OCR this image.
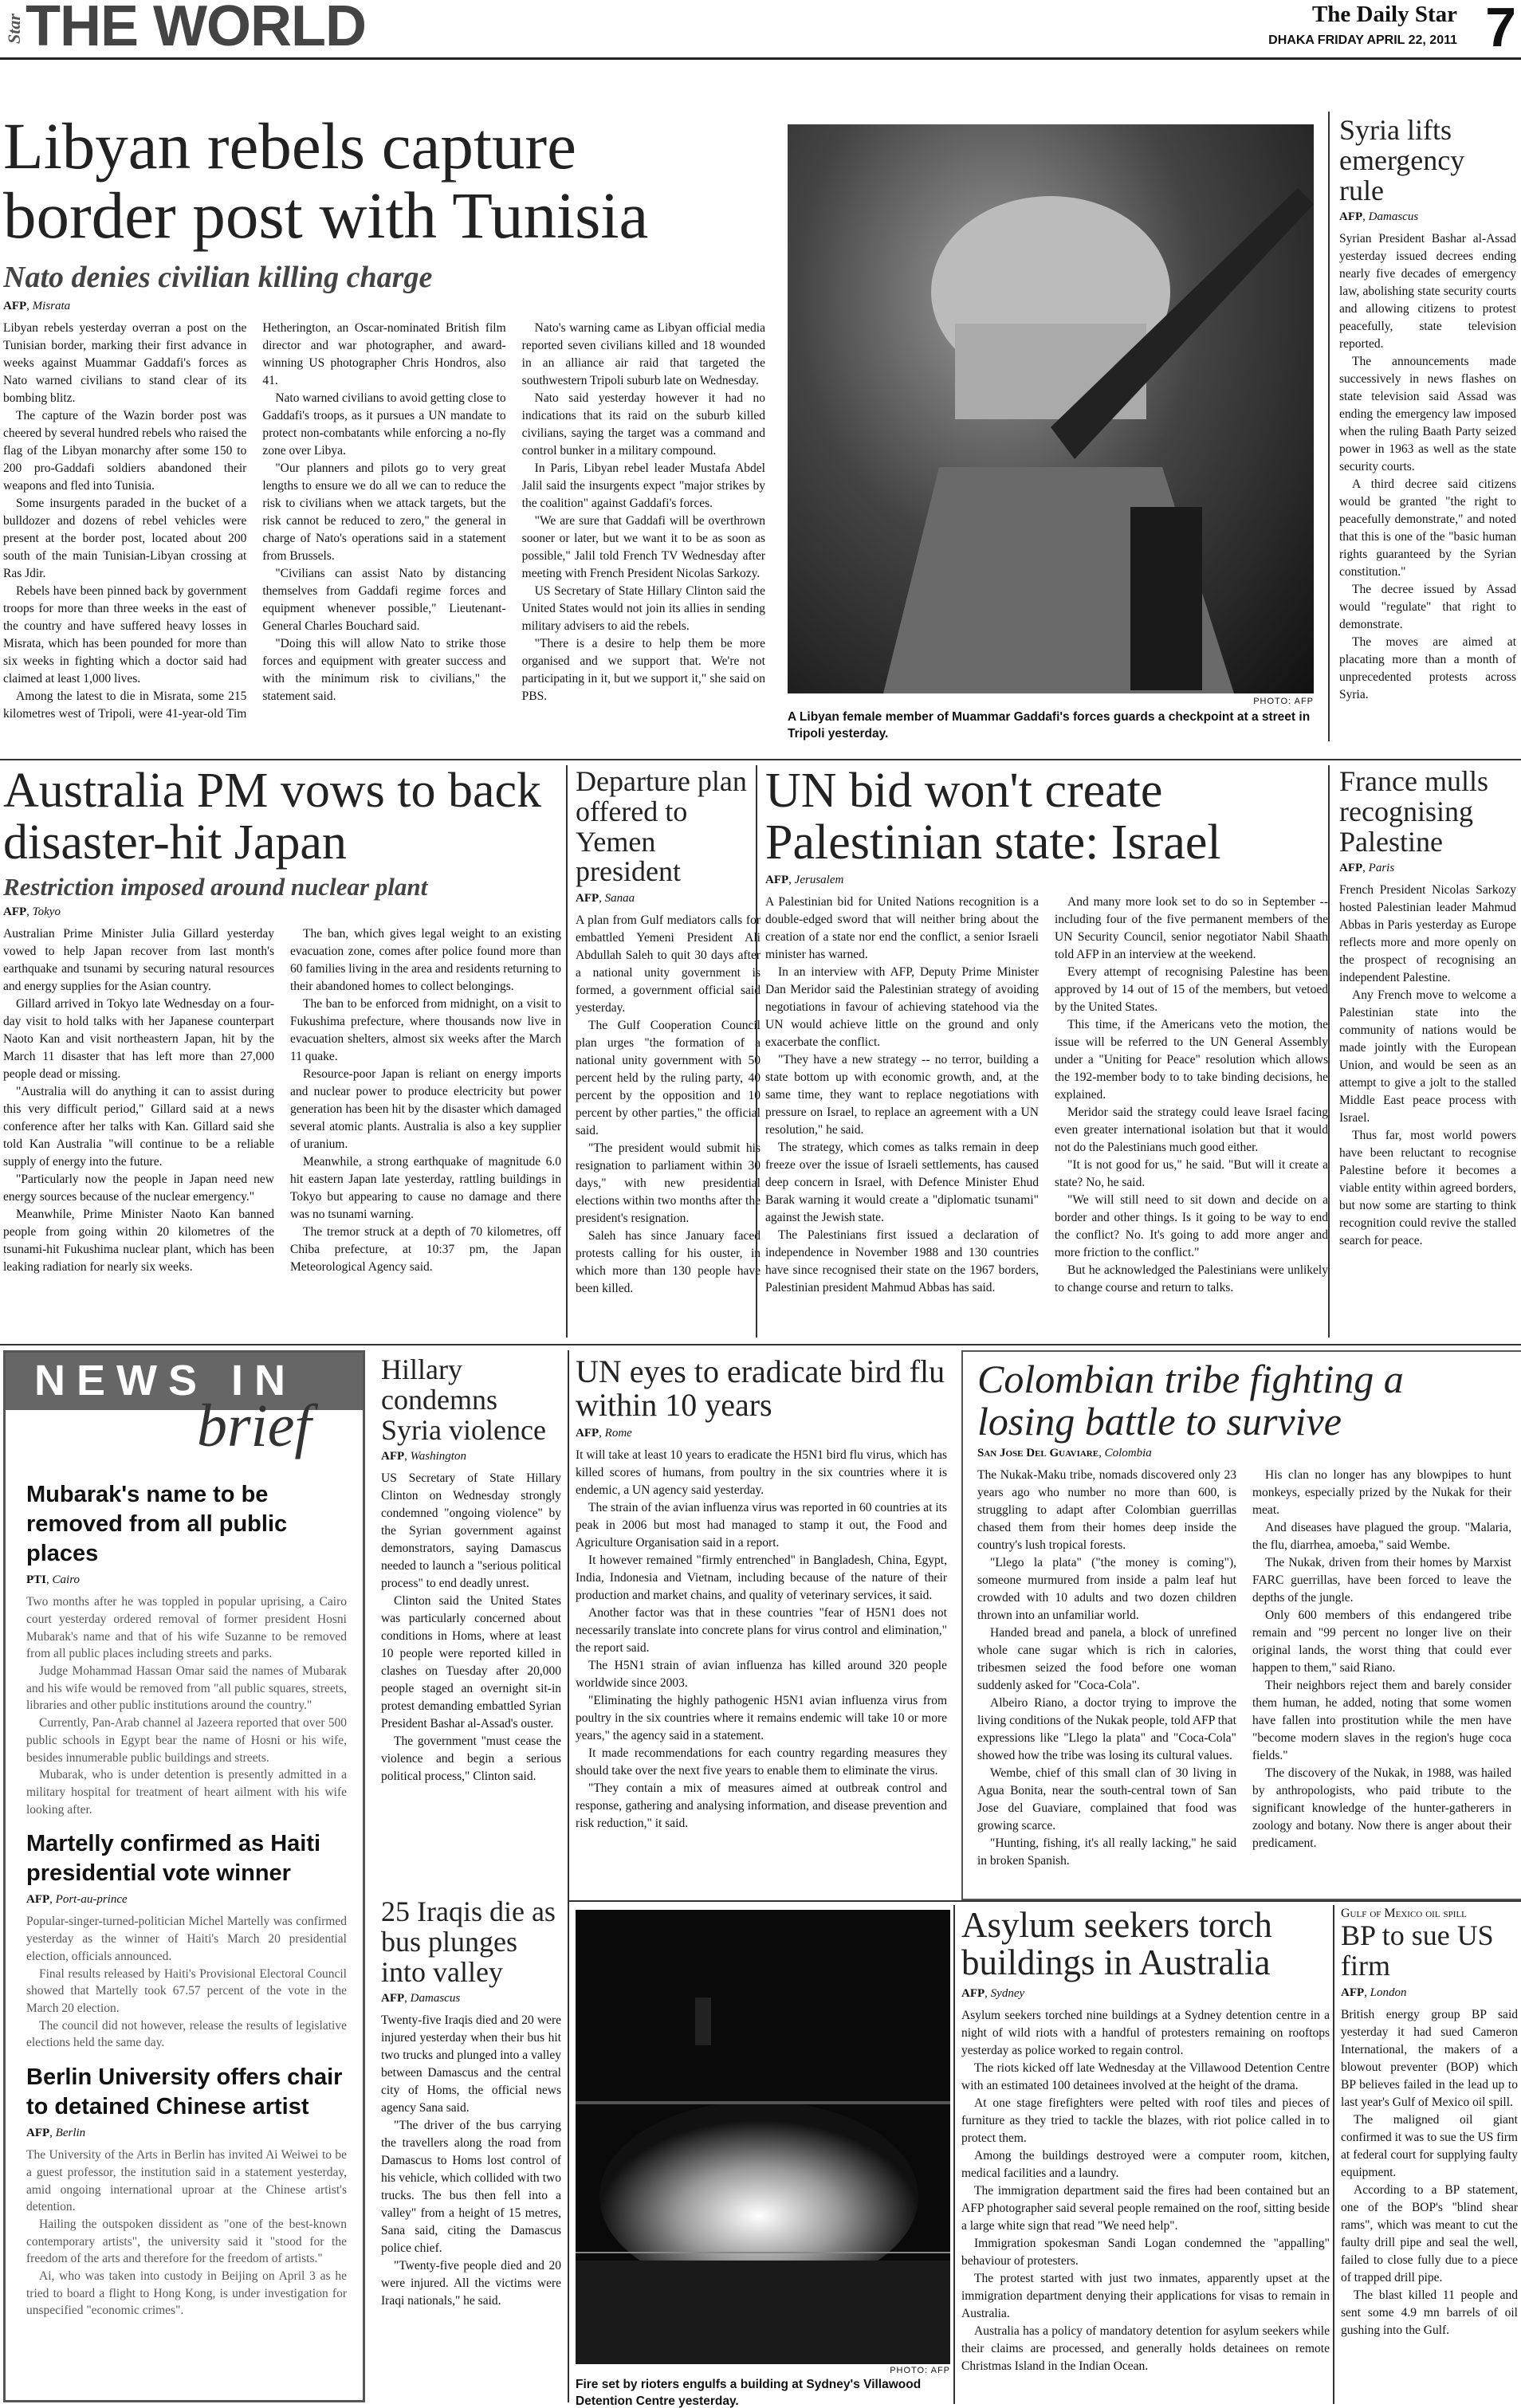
Star THE WORLD	The Daily Star
DHAKA FRIDAY APRIL 22, 2011 7
Libyan rebels capture border post with Tunisia
Nato denies civilian killing charge
AFP, Misrata

Libyan rebels yesterday overran a post on the Tunisian border, marking their first advance in weeks against Muammar Gaddafi's forces as Nato warned civilians to stand clear of its bombing blitz.

The capture of the Wazin border post was cheered by several hundred rebels who raised the flag of the Libyan monarchy after some 150 to 200 pro-Gaddafi soldiers abandoned their weapons and fled into Tunisia.

Some insurgents paraded in the bucket of a bulldozer and dozens of rebel vehicles were present at the border post, located about 200 south of the main Tunisian-Libyan crossing at Ras Jdir.

Rebels have been pinned back by government troops for more than three weeks in the east of the country and have suffered heavy losses in Misrata, which has been pounded for more than six weeks in fighting which a doctor said had claimed at least 1,000 lives.

Among the latest to die in Misrata, some 215 kilometres west of Tripoli, were 41-year-old Tim Hetherington, an Oscar-nominated British film director and war photographer, and award-winning US photographer Chris Hondros, also 41.

Nato warned civilians to avoid getting close to Gaddafi's troops, as it pursues a UN mandate to protect non-combatants while enforcing a no-fly zone over Libya.

"Our planners and pilots go to very great lengths to ensure we do all we can to reduce the risk to civilians when we attack targets, but the risk cannot be reduced to zero," the general in charge of Nato's operations said in a statement from Brussels.

"Civilians can assist Nato by distancing themselves from Gaddafi regime forces and equipment whenever possible," Lieutenant-General Charles Bouchard said.

"Doing this will allow Nato to strike those forces and equipment with greater success and with the minimum risk to civilians," the statement said.

Nato's warning came as Libyan official media reported seven civilians killed and 18 wounded in an alliance air raid that targeted the southwestern Tripoli suburb late on Wednesday.

Nato said yesterday however it had no indications that its raid on the suburb killed civilians, saying the target was a command and control bunker in a military compound.

In Paris, Libyan rebel leader Mustafa Abdel Jalil said the insurgents expect "major strikes by the coalition" against Gaddafi's forces.

"We are sure that Gaddafi will be overthrown sooner or later, but we want it to be as soon as possible," Jalil told French TV Wednesday after meeting with French President Nicolas Sarkozy.

US Secretary of State Hillary Clinton said the United States would not join its allies in sending military advisers to aid the rebels.

"There is a desire to help them be more organised and we support that. We're not participating in it, but we support it," she said on PBS.	PHOTO: AFP
A Libyan female member of Muammar Gaddafi's forces guards a checkpoint at a street in Tripoli yesterday.
Syria lifts emergency rule
AFP, Damascus

Syrian President Bashar al-Assad yesterday issued decrees ending nearly five decades of emergency law, abolishing state security courts and allowing citizens to protest peacefully, state television reported.

The announcements made successively in news flashes on state television said Assad was ending the emergency law imposed when the ruling Baath Party seized power in 1963 as well as the state security courts.

A third decree said citizens would be granted "the right to peacefully demonstrate," and noted that this is one of the "basic human rights guaranteed by the Syrian constitution."

The decree issued by Assad would "regulate" that right to demonstrate.

The moves are aimed at placating more than a month of unprecedented protests across Syria.

Australia PM vows to back disaster-hit Japan
Restriction imposed around nuclear plant
AFP, Tokyo

Australian Prime Minister Julia Gillard yesterday vowed to help Japan recover from last month's earthquake and tsunami by securing natural resources and energy supplies for the Asian country.

Gillard arrived in Tokyo late Wednesday on a four-day visit to hold talks with her Japanese counterpart Naoto Kan and visit northeastern Japan, hit by the March 11 disaster that has left more than 27,000 people dead or missing.

"Australia will do anything it can to assist during this very difficult period," Gillard said at a news conference after her talks with Kan. Gillard said she told Kan Australia "will continue to be a reliable supply of energy into the future.

"Particularly now the people in Japan need new energy sources because of the nuclear emergency."

Meanwhile, Prime Minister Naoto Kan banned people from going within 20 kilometres of the tsunami-hit Fukushima nuclear plant, which has been leaking radiation for nearly six weeks.

The ban, which gives legal weight to an existing evacuation zone, comes after police found more than 60 families living in the area and residents returning to their abandoned homes to collect belongings.

The ban to be enforced from midnight, on a visit to Fukushima prefecture, where thousands now live in evacuation shelters, almost six weeks after the March 11 quake.

Resource-poor Japan is reliant on energy imports and nuclear power to produce electricity but power generation has been hit by the disaster which damaged several atomic plants. Australia is also a key supplier of uranium.

Meanwhile, a strong earthquake of magnitude 6.0 hit eastern Japan late yesterday, rattling buildings in Tokyo but appearing to cause no damage and there was no tsunami warning.

The tremor struck at a depth of 70 kilometres, off Chiba prefecture, at 10:37 pm, the Japan Meteorological Agency said.

Departure plan offered to Yemen president
AFP, Sanaa

A plan from Gulf mediators calls for embattled Yemeni President Ali Abdullah Saleh to quit 30 days after a national unity government is formed, a government official said yesterday.

The Gulf Cooperation Council plan urges "the formation of a national unity government with 50 percent held by the ruling party, 40 percent by the opposition and 10 percent by other parties," the official said.

"The president would submit his resignation to parliament within 30 days," with new presidential elections within two months after the president's resignation.

Saleh has since January faced protests calling for his ouster, in which more than 130 people have been killed.

UN bid won't create Palestinian state: Israel
AFP, Jerusalem

A Palestinian bid for United Nations recognition is a double-edged sword that will neither bring about the creation of a state nor end the conflict, a senior Israeli minister has warned.

In an interview with AFP, Deputy Prime Minister Dan Meridor said the Palestinian strategy of avoiding negotiations in favour of achieving statehood via the UN would achieve little on the ground and only exacerbate the conflict.

"They have a new strategy -- no terror, building a state bottom up with economic growth, and, at the same time, they want to replace negotiations with pressure on Israel, to replace an agreement with a UN resolution," he said.

The strategy, which comes as talks remain in deep freeze over the issue of Israeli settlements, has caused deep concern in Israel, with Defence Minister Ehud Barak warning it would create a "diplomatic tsunami" against the Jewish state.

The Palestinians first issued a declaration of independence in November 1988 and 130 countries have since recognised their state on the 1967 borders, Palestinian president Mahmud Abbas has said.

And many more look set to do so in September -- including four of the five permanent members of the UN Security Council, senior negotiator Nabil Shaath told AFP in an interview at the weekend.

Every attempt of recognising Palestine has been approved by 14 out of 15 of the members, but vetoed by the United States.

This time, if the Americans veto the motion, the issue will be referred to the UN General Assembly under a "Uniting for Peace" resolution which allows the 192-member body to to take binding decisions, he explained.

Meridor said the strategy could leave Israel facing even greater international isolation but that it would not do the Palestinians much good either.

"It is not good for us," he said. "But will it create a state? No, he said.

"We will still need to sit down and decide on a border and other things. Is it going to be way to end the conflict? No. It's going to add more anger and more friction to the conflict."

But he acknowledged the Palestinians were unlikely to change course and return to talks.

France mulls recognising Palestine
AFP, Paris

French President Nicolas Sarkozy hosted Palestinian leader Mahmud Abbas in Paris yesterday as Europe reflects more and more openly on the prospect of recognising an independent Palestine.

Any French move to welcome a Palestinian state into the community of nations would be made jointly with the European Union, and would be seen as an attempt to give a jolt to the stalled Middle East peace process with Israel.

Thus far, most world powers have been reluctant to recognise Palestine before it becomes a viable entity within agreed borders, but now some are starting to think recognition could revive the stalled search for peace.

NEWS IN
brief
Mubarak's name to be removed from all public places
PTI, Cairo

Two months after he was toppled in popular uprising, a Cairo court yesterday ordered removal of former president Hosni Mubarak's name and that of his wife Suzanne to be removed from all public places including streets and parks.

Judge Mohammad Hassan Omar said the names of Mubarak and his wife would be removed from "all public squares, streets, libraries and other public institutions around the country."

Currently, Pan-Arab channel al Jazeera reported that over 500 public schools in Egypt bear the name of Hosni or his wife, besides innumerable public buildings and streets.

Mubarak, who is under detention is presently admitted in a military hospital for treatment of heart ailment with his wife looking after.

Martelly confirmed as Haiti presidential vote winner
AFP, Port-au-prince

Popular-singer-turned-politician Michel Martelly was confirmed yesterday as the winner of Haiti's March 20 presidential election, officials announced.

Final results released by Haiti's Provisional Electoral Council showed that Martelly took 67.57 percent of the vote in the March 20 election.

The council did not however, release the results of legislative elections held the same day.

Berlin University offers chair to detained Chinese artist
AFP, Berlin

The University of the Arts in Berlin has invited Ai Weiwei to be a guest professor, the institution said in a statement yesterday, amid ongoing international uproar at the Chinese artist's detention.

Hailing the outspoken dissident as "one of the best-known contemporary artists", the university said it "stood for the freedom of the arts and therefore for the freedom of artists."

Ai, who was taken into custody in Beijing on April 3 as he tried to board a flight to Hong Kong, is under investigation for unspecified "economic crimes".

Hillary condemns Syria violence
AFP, Washington

US Secretary of State Hillary Clinton on Wednesday strongly condemned "ongoing violence" by the Syrian government against demonstrators, saying Damascus needed to launch a "serious political process" to end deadly unrest.

Clinton said the United States was particularly concerned about conditions in Homs, where at least 10 people were reported killed in clashes on Tuesday after 20,000 people staged an overnight sit-in protest demanding embattled Syrian President Bashar al-Assad's ouster.

The government "must cease the violence and begin a serious political process," Clinton said.

UN eyes to eradicate bird flu within 10 years
AFP, Rome

It will take at least 10 years to eradicate the H5N1 bird flu virus, which has killed scores of humans, from poultry in the six countries where it is endemic, a UN agency said yesterday.

The strain of the avian influenza virus was reported in 60 countries at its peak in 2006 but most had managed to stamp it out, the Food and Agriculture Organisation said in a report.

It however remained "firmly entrenched" in Bangladesh, China, Egypt, India, Indonesia and Vietnam, including because of the nature of their production and market chains, and quality of veterinary services, it said.

Another factor was that in these countries "fear of H5N1 does not necessarily translate into concrete plans for virus control and elimination," the report said.

The H5N1 strain of avian influenza has killed around 320 people worldwide since 2003.

"Eliminating the highly pathogenic H5N1 avian influenza virus from poultry in the six countries where it remains endemic will take 10 or more years," the agency said in a statement.

It made recommendations for each country regarding measures they should take over the next five years to enable them to eliminate the virus.

"They contain a mix of measures aimed at outbreak control and response, gathering and analysing information, and disease prevention and risk reduction," it said.

Colombian tribe fighting a losing battle to survive
San Jose Del Guaviare, Colombia

The Nukak-Maku tribe, nomads discovered only 23 years ago who number no more than 600, is struggling to adapt after Colombian guerrillas chased them from their homes deep inside the country's lush tropical forests.

"Llego la plata" ("the money is coming"), someone murmured from inside a palm leaf hut crowded with 10 adults and two dozen children thrown into an unfamiliar world.

Handed bread and panela, a block of unrefined whole cane sugar which is rich in calories, tribesmen seized the food before one woman suddenly asked for "Coca-Cola".

Albeiro Riano, a doctor trying to improve the living conditions of the Nukak people, told AFP that expressions like "Llego la plata" and "Coca-Cola" showed how the tribe was losing its cultural values.

Wembe, chief of this small clan of 30 living in Agua Bonita, near the south-central town of San Jose del Guaviare, complained that food was growing scarce.

"Hunting, fishing, it's all really lacking," he said in broken Spanish.

His clan no longer has any blowpipes to hunt monkeys, especially prized by the Nukak for their meat.

And diseases have plagued the group. "Malaria, the flu, diarrhea, amoeba," said Wembe.

The Nukak, driven from their homes by Marxist FARC guerrillas, have been forced to leave the depths of the jungle.

Only 600 members of this endangered tribe remain and "99 percent no longer live on their original lands, the worst thing that could ever happen to them," said Riano.

Their neighbors reject them and barely consider them human, he added, noting that some women have fallen into prostitution while the men have "become modern slaves in the region's huge coca fields."

The discovery of the Nukak, in 1988, was hailed by anthropologists, who paid tribute to the significant knowledge of the hunter-gatherers in zoology and botany. Now there is anger about their predicament.

25 Iraqis die as bus plunges into valley
AFP, Damascus

Twenty-five Iraqis died and 20 were injured yesterday when their bus hit two trucks and plunged into a valley between Damascus and the central city of Homs, the official news agency Sana said.

"The driver of the bus carrying the travellers along the road from Damascus to Homs lost control of his vehicle, which collided with two trucks. The bus then fell into a valley" from a height of 15 metres, Sana said, citing the Damascus police chief.

"Twenty-five people died and 20 were injured. All the victims were Iraqi nationals," he said.

PHOTO: AFP
Fire set by rioters engulfs a building at Sydney's Villawood Detention Centre yesterday.
Asylum seekers torch buildings in Australia
AFP, Sydney

Asylum seekers torched nine buildings at a Sydney detention centre in a night of wild riots with a handful of protesters remaining on rooftops yesterday as police worked to regain control.

The riots kicked off late Wednesday at the Villawood Detention Centre with an estimated 100 detainees involved at the height of the drama.

At one stage firefighters were pelted with roof tiles and pieces of furniture as they tried to tackle the blazes, with riot police called in to protect them.

Among the buildings destroyed were a computer room, kitchen, medical facilities and a laundry.

The immigration department said the fires had been contained but an AFP photographer said several people remained on the roof, sitting beside a large white sign that read "We need help".

Immigration spokesman Sandi Logan condemned the "appalling" behaviour of protesters.

The protest started with just two inmates, apparently upset at the immigration department denying their applications for visas to remain in Australia.

Australia has a policy of mandatory detention for asylum seekers while their claims are processed, and generally holds detainees on remote Christmas Island in the Indian Ocean.

Gulf of Mexico oil spill
BP to sue US firm
AFP, London

British energy group BP said yesterday it had sued Cameron International, the makers of a blowout preventer (BOP) which BP believes failed in the lead up to last year's Gulf of Mexico oil spill.

The maligned oil giant confirmed it was to sue the US firm at federal court for supplying faulty equipment.

According to a BP statement, one of the BOP's "blind shear rams", which was meant to cut the faulty drill pipe and seal the well, failed to close fully due to a piece of trapped drill pipe.

The blast killed 11 people and sent some 4.9 mn barrels of oil gushing into the Gulf.
